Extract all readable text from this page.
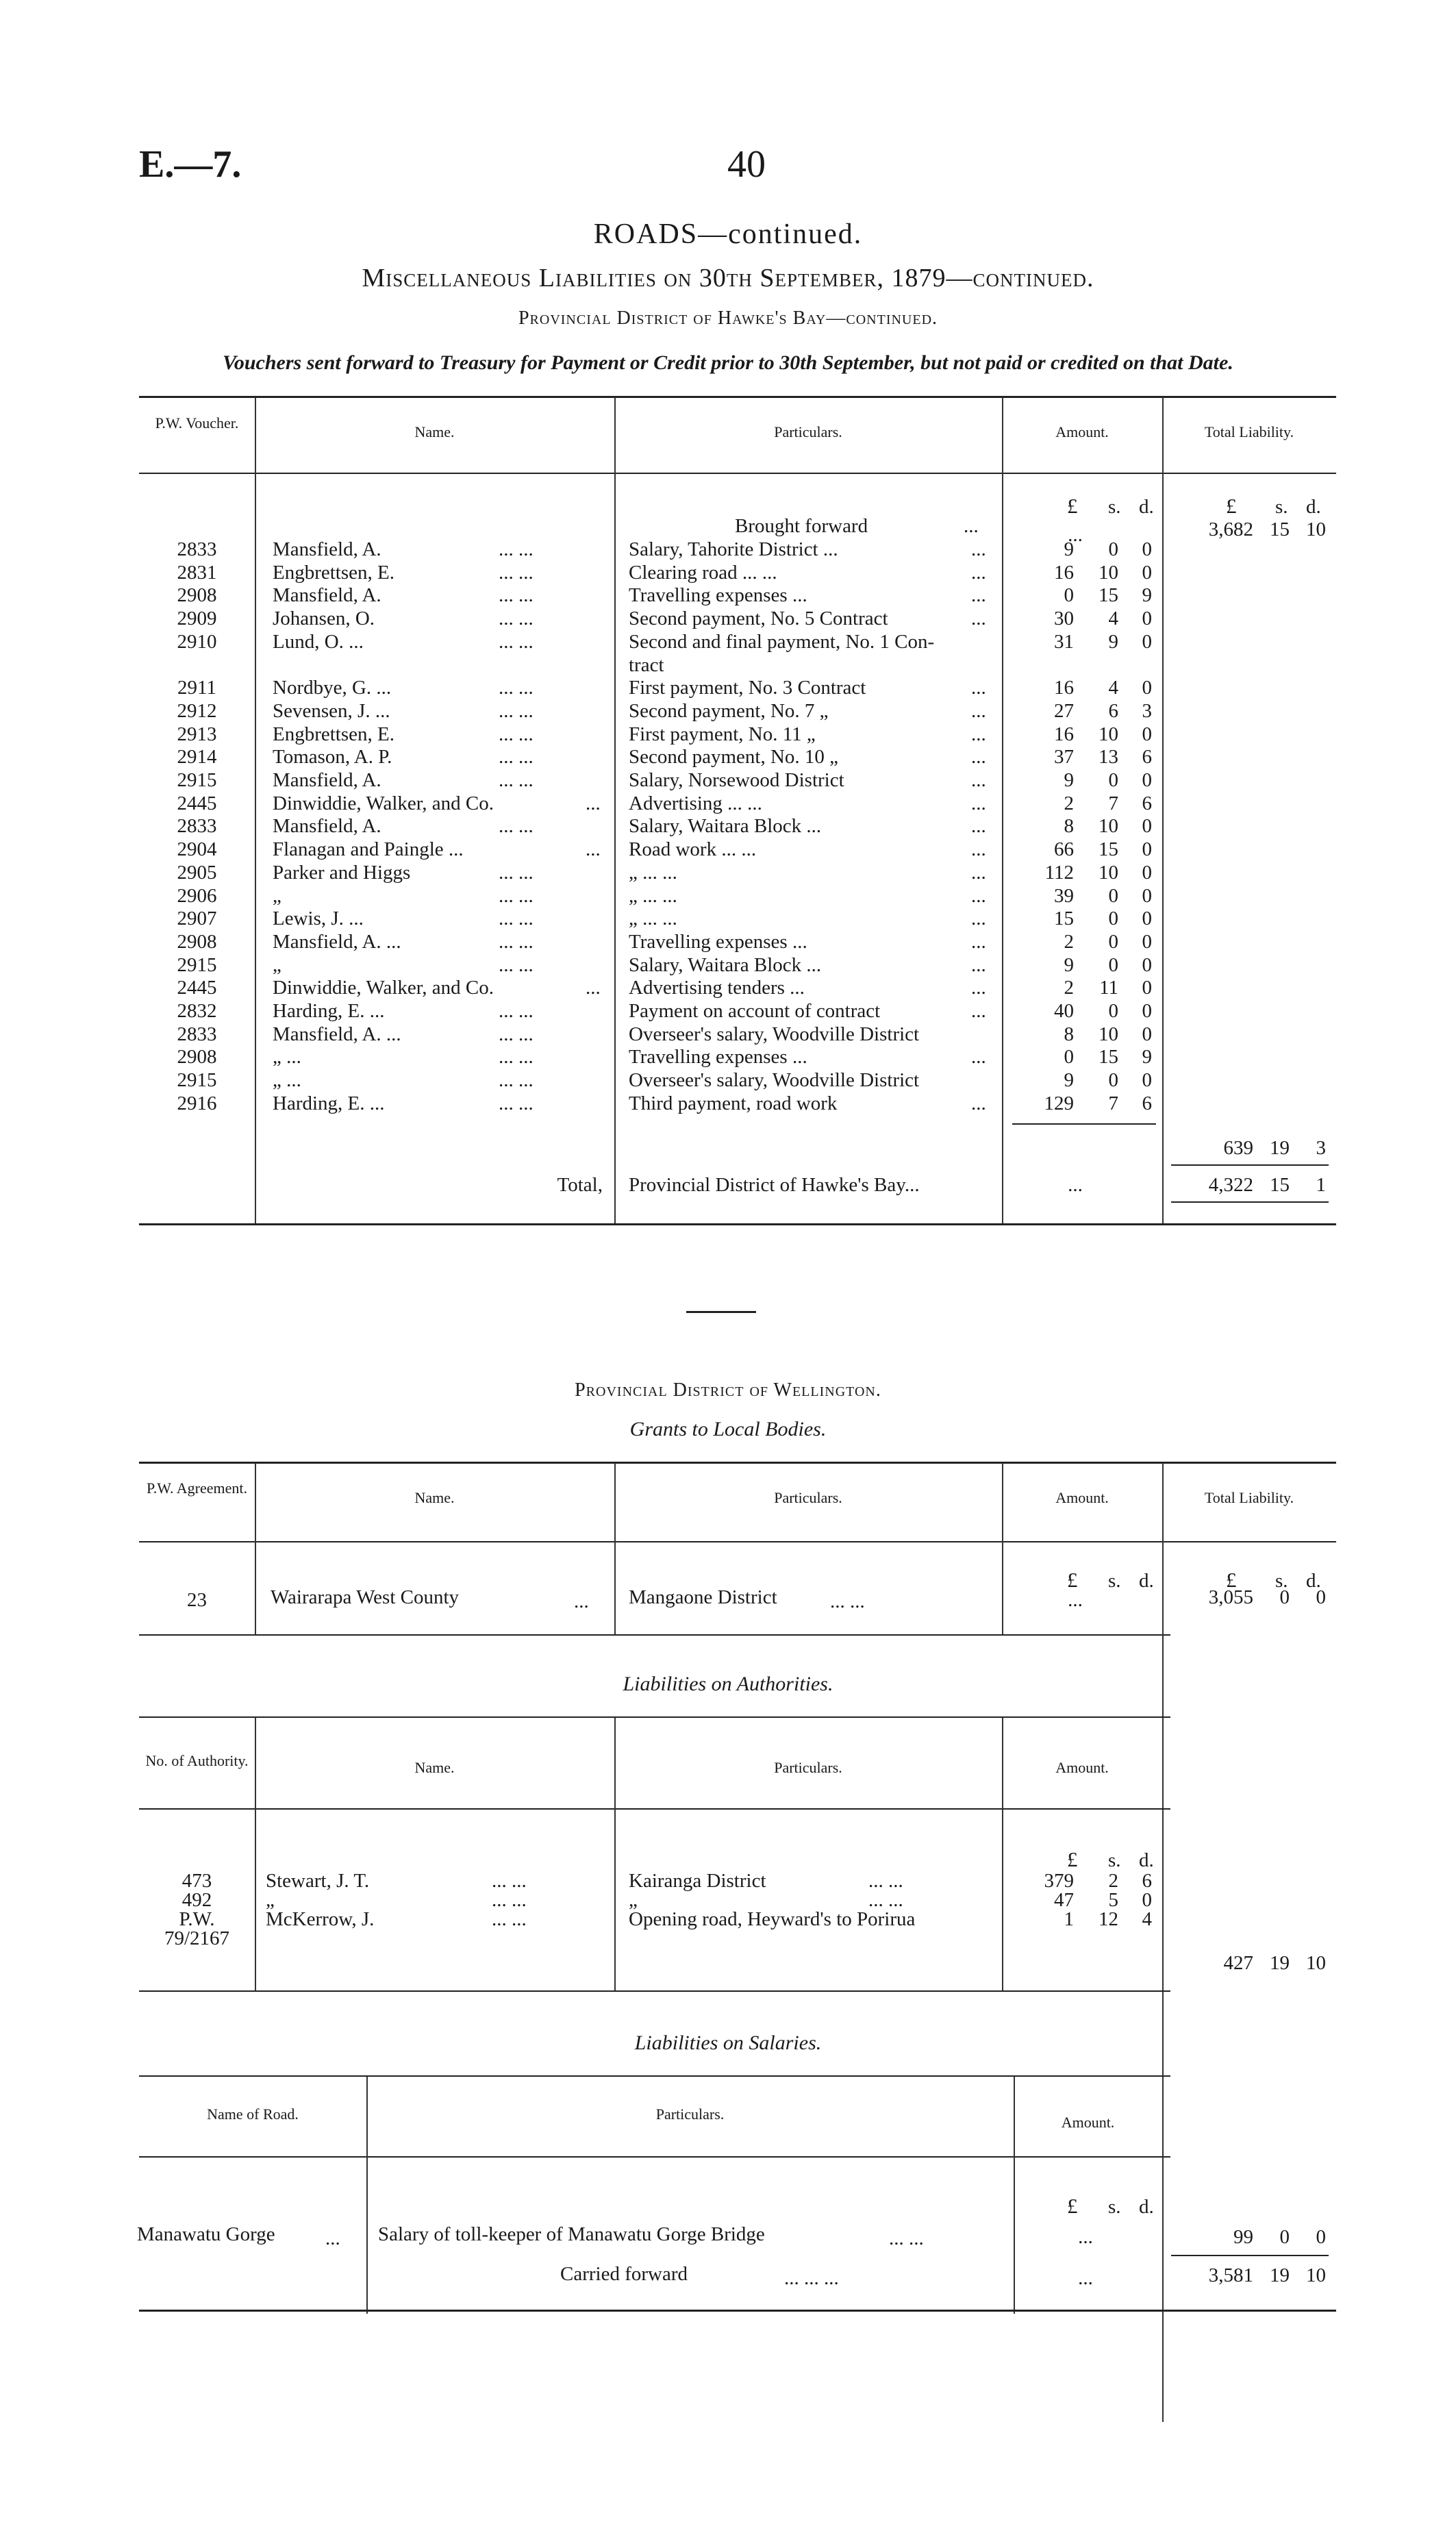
E.—7.	40
ROADS—continued.
Miscellaneous Liabilities on 30th September, 1879—continued.
Provincial District of Hawke's Bay—continued.
Vouchers sent forward to Treasury for Payment or Credit prior to 30th September, but not paid or credited on that Date.
P.W. Voucher.
Name.	Particulars.	Amount.	Total Liability.
£ s. d.	£ s. d.
Brought forward	...	...	3,682 15 10
2833	Mansfield, A.	... ...	Salary, Tahorite District ...	...	9	0	0
2831	Engbrettsen, E.	... ...	Clearing road ... ...	...	16	10	0
2908	Mansfield, A.	... ...	Travelling expenses ...	...	0	15	9
2909	Johansen, O.	... ...	Second payment, No. 5 Contract	...	30	4	0
2910	Lund, O. ...	... ...	Second and final payment, No. 1 Con-	31	9	0
tract
2911	Nordbye, G. ...	... ...	First payment, No. 3 Contract	...	16	4	0
2912	Sevensen, J. ...	... ...	Second payment, No. 7 „	...	27	6	3
2913	Engbrettsen, E.	... ...	First payment, No. 11 „	...	16	10	0
2914	Tomason, A. P.	... ...	Second payment, No. 10 „	...	37	13	6
2915	Mansfield, A.	... ...	Salary, Norsewood District	...	9	0	0
2445	Dinwiddie, Walker, and Co.	... Advertising ... ...	...	2	7	6
2833	Mansfield, A.	... ...	Salary, Waitara Block ...	...	8	10	0
2904	Flanagan and Paingle ...	... Road work ... ...	...	66	15	0
2905	Parker and Higgs	... ...	„ ... ...	...	112	10	0
2906	„	... ...	„ ... ...	...	39	0	0
2907	Lewis, J. ...	... ...	„ ... ...	...	15	0	0
2908	Mansfield, A. ...	... ...	Travelling expenses ...	...	2	0	0
2915	„	... ...	Salary, Waitara Block ...	...	9	0	0
2445	Dinwiddie, Walker, and Co.	... Advertising tenders ...	...	2	11	0
2832	Harding, E. ...	... ...	Payment on account of contract	...	40	0	0
2833	Mansfield, A. ...	... ...	Overseer's salary, Woodville District	8	10	0
2908	„ ...	... ...	Travelling expenses ...	...	0	15	9
2915	„ ...	... ...	Overseer's salary, Woodville District	9	0	0
2916	Harding, E. ...	... ...	Third payment, road work	...	129	7	6
639 19	3
Total, Provincial District of Hawke's Bay...	...	4,322 15	1
Provincial District of Wellington.
Grants to Local Bodies.
P.W. Agreement.
Name.	Particulars.	Amount.	Total Liability.
£ s. d.	£ s. d.
23	Wairarapa West County	... Mangaone District	... ...	...	3,055	0	0
Liabilities on Authorities.
No. of Authority.	Name.	Particulars.	Amount.
£ s. d.
473	Stewart, J. T.	... ...	Kairanga District	... ...	379	2	6
492	„	... ...	„	... ...	47	5	0
P.W.	McKerrow, J.	... ...	Opening road, Heyward's to Porirua	1	12	4
79/2167
427 19 10
Liabilities on Salaries.
Name of Road.	Particulars.	Amount.
£ s. d.
Manawatu Gorge	... Salary of toll-keeper of Manawatu Gorge Bridge	... ...	...	99	0	0
Carried forward	... ... ...	...	3,581 19 10
